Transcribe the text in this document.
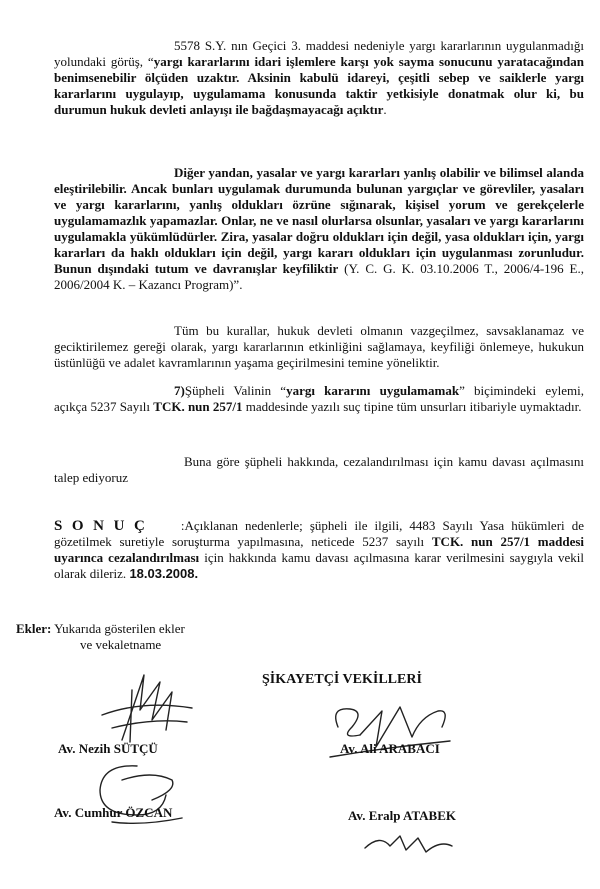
5578 S.Y. nın Geçici 3. maddesi nedeniyle yargı kararlarının uygulanmadığı yolundaki görüş, “yargı kararlarını idari işlemlere karşı yok sayma sonucunu yaratacağından benimsenebilir ölçüden uzaktır. Aksinin kabulü idareyi, çeşitli sebep ve saiklerle yargı kararlarını uygulayıp, uygulamama konusunda taktir yetkisiyle donatmak olur ki, bu durumun hukuk devleti anlayışı ile bağdaşmayacağı açıktır.

Diğer yandan, yasalar ve yargı kararları yanlış olabilir ve bilimsel alanda eleştirilebilir. Ancak bunları uygulamak durumunda bulunan yargıçlar ve görevliler, yasaları ve yargı kararlarını, yanlış oldukları özrüne sığınarak, kişisel yorum ve gerekçelerle uygulamamazlık yapamazlar. Onlar, ne ve nasıl olurlarsa olsunlar, yasaları ve yargı kararlarını uygulamakla yükümlüdürler. Zira, yasalar doğru oldukları için değil, yasa oldukları için, yargı kararları da haklı oldukları için değil, yargı kararı oldukları için uygulanması zorunludur. Bunun dışındaki tutum ve davranışlar keyfiliktir (Y. C. G. K. 03.10.2006 T., 2006/4-196 E., 2006/2004 K. – Kazancı Program)”.

Tüm bu kurallar, hukuk devleti olmanın vazgeçilmez, savsaklanamaz ve geciktirilemez gereği olarak, yargı kararlarının etkinliğini sağlamaya, keyfiliği önlemeye, hukukun üstünlüğü ve adalet kavramlarının yaşama geçirilmesini temine yöneliktir.

7)Şüpheli Valinin “yargı kararını uygulamamak” biçimindeki eylemi, açıkça 5237 Sayılı TCK. nun 257/1 maddesinde yazılı suç tipine tüm unsurları itibariyle uymaktadır.

Buna göre şüpheli hakkında, cezalandırılması için kamu davası açılmasını talep ediyoruz

S O N U Ç :Açıklanan nedenlerle; şüpheli ile ilgili, 4483 Sayılı Yasa hükümleri de gözetilmek suretiyle soruşturma yapılmasına, neticede 5237 sayılı TCK. nun 257/1 maddesi uyarınca cezalandırılması için hakkında kamu davası açılmasına karar verilmesini saygıyla vekil olarak dileriz. 18.03.2008.

Ekler: Yukarıda gösterilen ekler
ve vekaletname
ŞİKAYETÇİ VEKİLLERİ
Av. Nezih SÜTÇÜ	Av. Ali ARABACI
Av. Cumhur ÖZCAN	Av. Eralp ATABEK
